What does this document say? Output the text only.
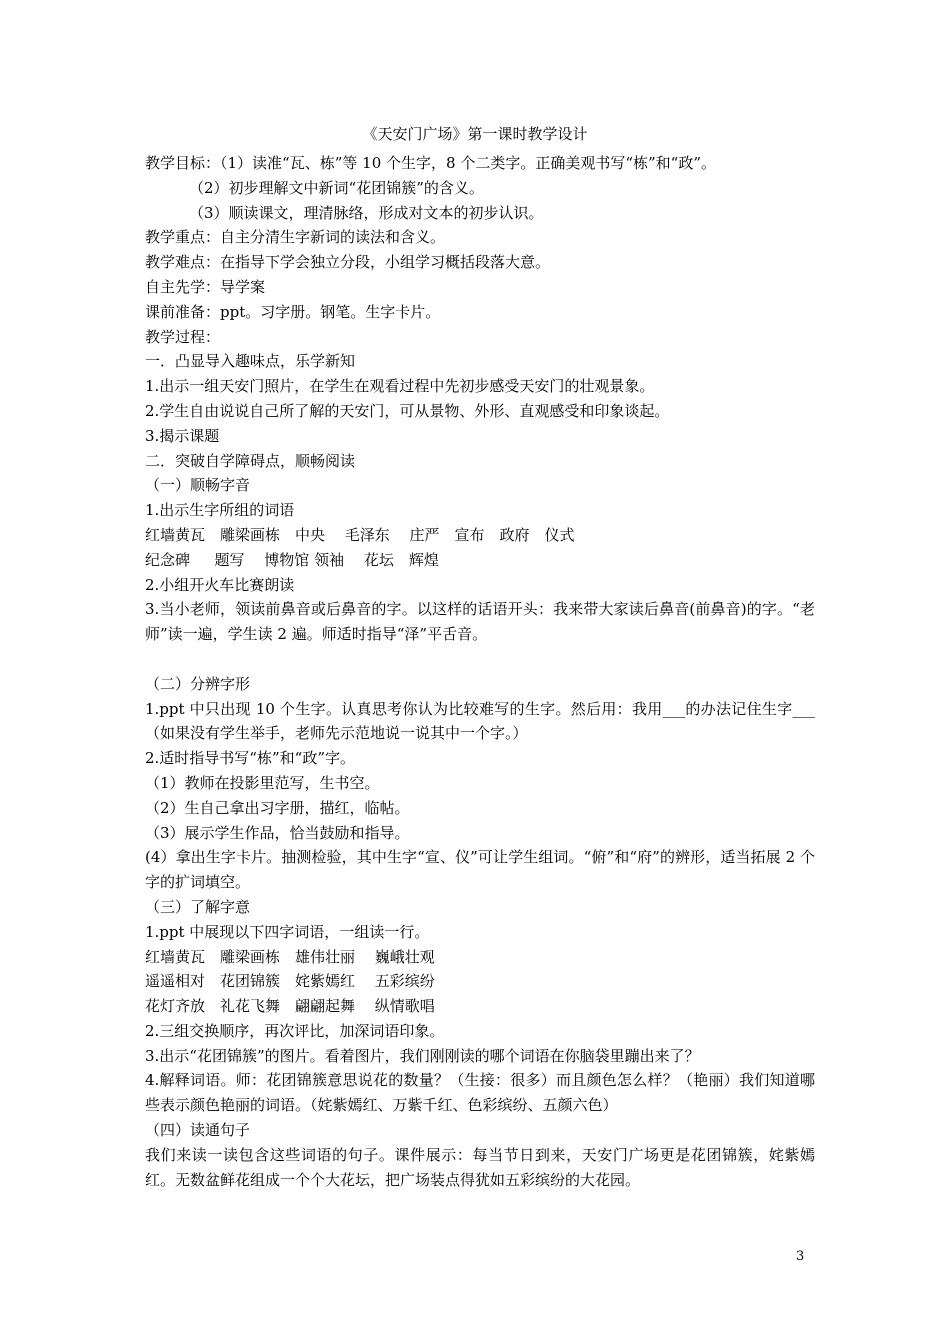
《天安门广场》第一课时教学设计
教学目标：（1）读准“瓦、栋”等 10 个生字，8 个二类字。正确美观书写“栋”和“政”。
（2）初步理解文中新词“花团锦簇”的含义。
（3）顺读课文，理清脉络，形成对文本的初步认识。
教学重点：自主分清生字新词的读法和含义。
教学难点：在指导下学会独立分段，小组学习概括段落大意。
自主先学：导学案
课前准备：ppt。习字册。钢笔。生字卡片。
教学过程：
一．凸显导入趣味点，乐学新知
1.出示一组天安门照片，在学生在观看过程中先初步感受天安门的壮观景象。
2.学生自由说说自己所了解的天安门，可从景物、外形、直观感受和印象谈起。
3.揭示课题
二．突破自学障碍点，顺畅阅读
（一）顺畅字音
1.出示生字所组的词语
红墙黄瓦　雕梁画栋　中央　 毛泽东　 庄严　宣布　政府　仪式
纪念碑　  题写　 博物馆 领袖　 花坛　辉煌
2.小组开火车比赛朗读
3.当小老师，领读前鼻音或后鼻音的字。以这样的话语开头：我来带大家读后鼻音(前鼻音)的字。“老师”读一遍，学生读 2 遍。师适时指导“泽”平舌音。
（二）分辨字形
1.ppt 中只出现 10 个生字。认真思考你认为比较难写的生字。然后用：我用___的办法记住生字___（如果没有学生举手，老师先示范地说一说其中一个字。）
2.适时指导书写“栋”和“政”字。
（1）教师在投影里范写，生书空。
（2）生自己拿出习字册，描红，临帖。
（3）展示学生作品，恰当鼓励和指导。
(4）拿出生字卡片。抽测检验，其中生字“宣、仪”可让学生组词。“俯”和“府”的辨形，适当拓展 2 个字的扩词填空。
（三）了解字意
1.ppt 中展现以下四字词语，一组读一行。
红墙黄瓦　雕梁画栋　雄伟壮丽　 巍峨壮观
遥遥相对　花团锦簇　姹紫嫣红　 五彩缤纷
花灯齐放　礼花飞舞　翩翩起舞　 纵情歌唱
2.三组交换顺序，再次评比，加深词语印象。
3.出示“花团锦簇”的图片。看着图片，我们刚刚读的哪个词语在你脑袋里蹦出来了？
4.解释词语。师：花团锦簇意思说花的数量？（生接：很多）而且颜色怎么样？（艳丽）我们知道哪些表示颜色艳丽的词语。（姹紫嫣红、万紫千红、色彩缤纷、五颜六色）
（四）读通句子
我们来读一读包含这些词语的句子。课件展示：每当节日到来，天安门广场更是花团锦簇，姹紫嫣红。无数盆鲜花组成一个个大花坛，把广场装点得犹如五彩缤纷的大花园。
3
